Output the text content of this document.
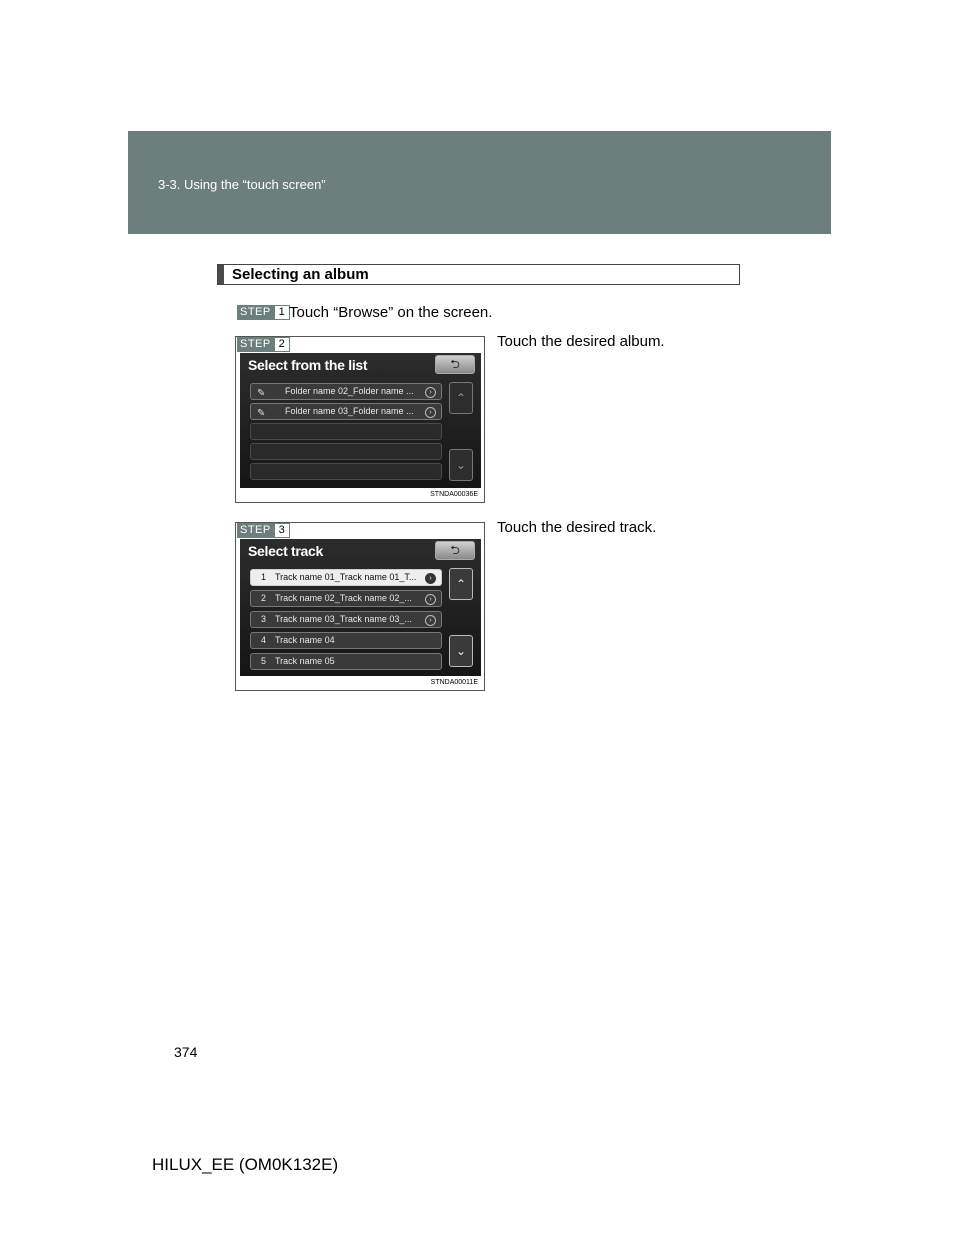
3-3. Using the “touch screen”
Selecting an album
STEP 1 Touch “Browse” on the screen.
Select from the list	⮌
✎ Folder name 02_Folder name ...	›
✎ Folder name 03_Folder name ...	›
⌃
⌄
STNDA00036E
STEP 2	Touch the desired album.
Select track	⮌
1 Track name 01_Track name 01_T...	›
2 Track name 02_Track name 02_...	›
3 Track name 03_Track name 03_...	›
4 Track name 04
5 Track name 05
⌃
⌄
STNDA00011E
STEP 3	Touch the desired track.
374
HILUX_EE (OM0K132E)
